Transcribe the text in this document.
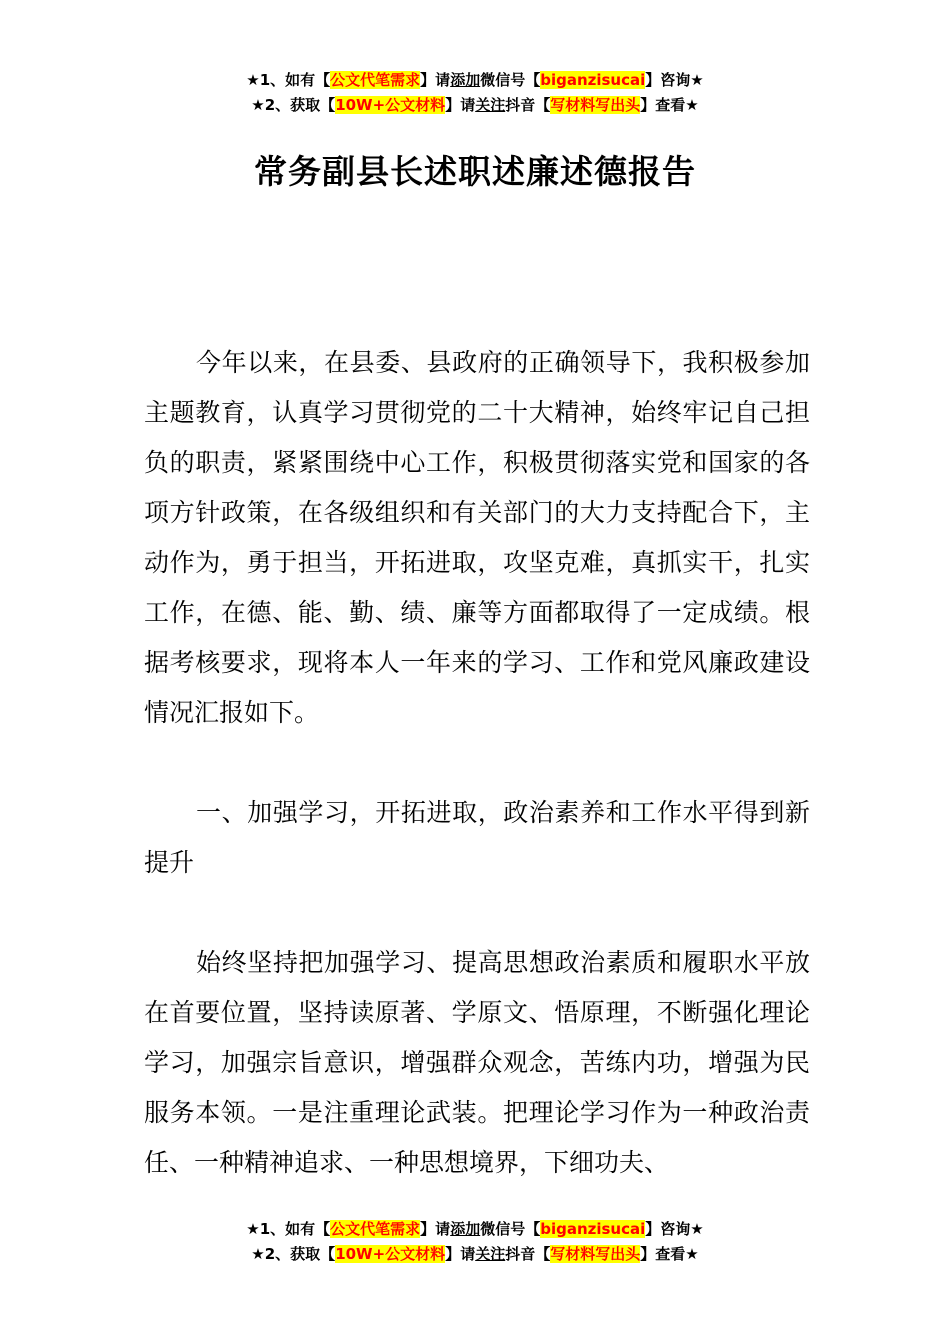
★1、如有【公文代笔需求】请添加微信号【biganzisucai】咨询★
★2、获取【10W+公文材料】请关注抖音【写材料写出头】查看★
常务副县长述职述廉述德报告

今年以来，在县委、县政府的正确领导下，我积极参加主题教育，认真学习贯彻党的二十大精神，始终牢记自己担负的职责，紧紧围绕中心工作，积极贯彻落实党和国家的各项方针政策，在各级组织和有关部门的大力支持配合下，主动作为，勇于担当，开拓进取，攻坚克难，真抓实干，扎实工作，在德、能、勤、绩、廉等方面都取得了一定成绩。根据考核要求，现将本人一年来的学习、工作和党风廉政建设情况汇报如下。

一、加强学习，开拓进取，政治素养和工作水平得到新提升

始终坚持把加强学习、提高思想政治素质和履职水平放在首要位置，坚持读原著、学原文、悟原理，不断强化理论学习，加强宗旨意识，增强群众观念，苦练内功，增强为民服务本领。一是注重理论武装。把理论学习作为一种政治责任、一种精神追求、一种思想境界，下细功夫、

★1、如有【公文代笔需求】请添加微信号【biganzisucai】咨询★
★2、获取【10W+公文材料】请关注抖音【写材料写出头】查看★
